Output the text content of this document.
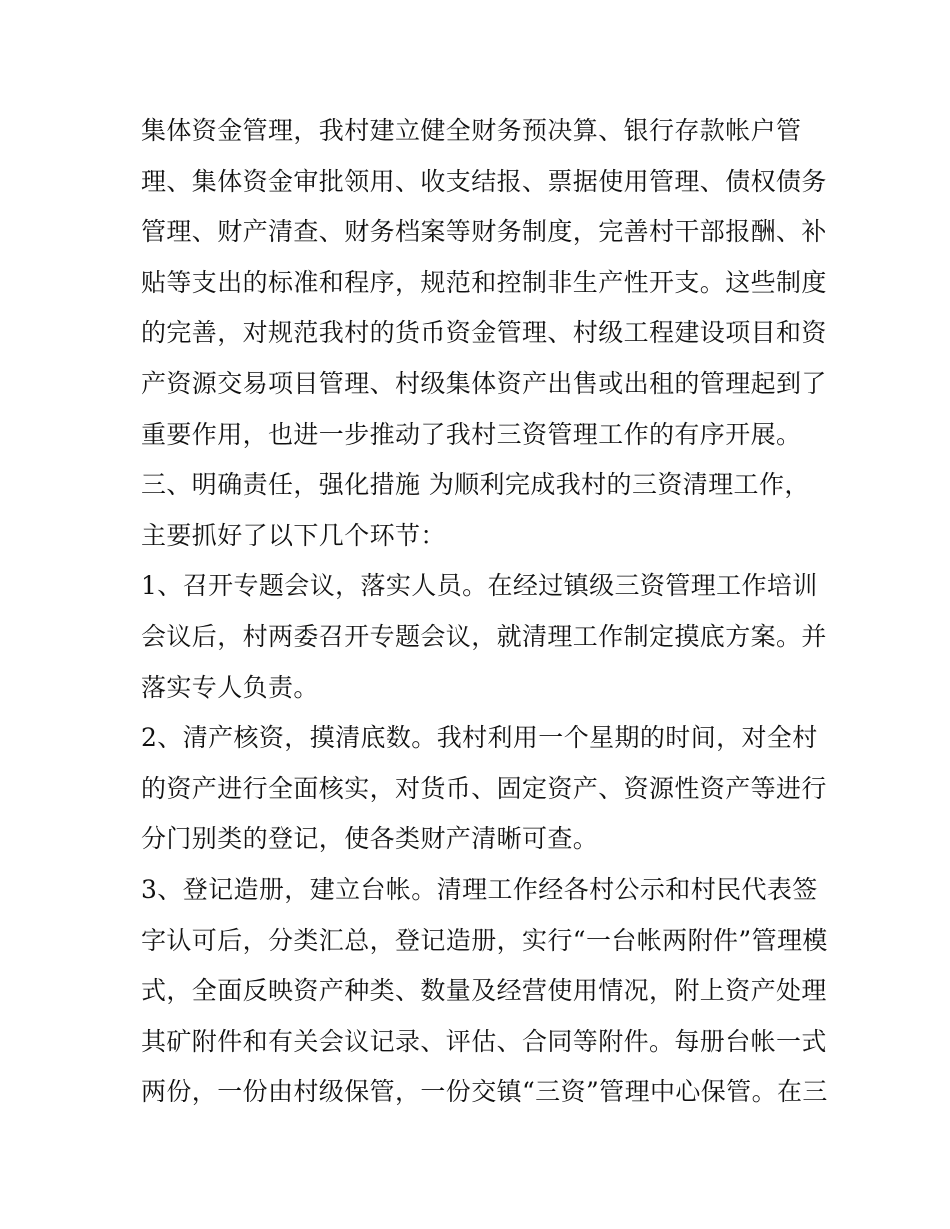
集体资金管理，我村建立健全财务预决算、银行存款帐户管
理、集体资金审批领用、收支结报、票据使用管理、债权债务
管理、财产清查、财务档案等财务制度，完善村干部报酬、补
贴等支出的标准和程序，规范和控制非生产性开支。这些制度
的完善，对规范我村的货币资金管理、村级工程建设项目和资
产资源交易项目管理、村级集体资产出售或出租的管理起到了
重要作用，也进一步推动了我村三资管理工作的有序开展。
三、明确责任，强化措施 为顺利完成我村的三资清理工作，
主要抓好了以下几个环节：
1、召开专题会议，落实人员。在经过镇级三资管理工作培训
会议后，村两委召开专题会议，就清理工作制定摸底方案。并
落实专人负责。
2、清产核资，摸清底数。我村利用一个星期的时间，对全村
的资产进行全面核实，对货币、固定资产、资源性资产等进行
分门别类的登记，使各类财产清晰可查。
3、登记造册，建立台帐。清理工作经各村公示和村民代表签
字认可后，分类汇总，登记造册，实行“一台帐两附件”管理模
式，全面反映资产种类、数量及经营使用情况，附上资产处理
其矿附件和有关会议记录、评估、合同等附件。每册台帐一式
两份，一份由村级保管，一份交镇“三资”管理中心保管。在三
